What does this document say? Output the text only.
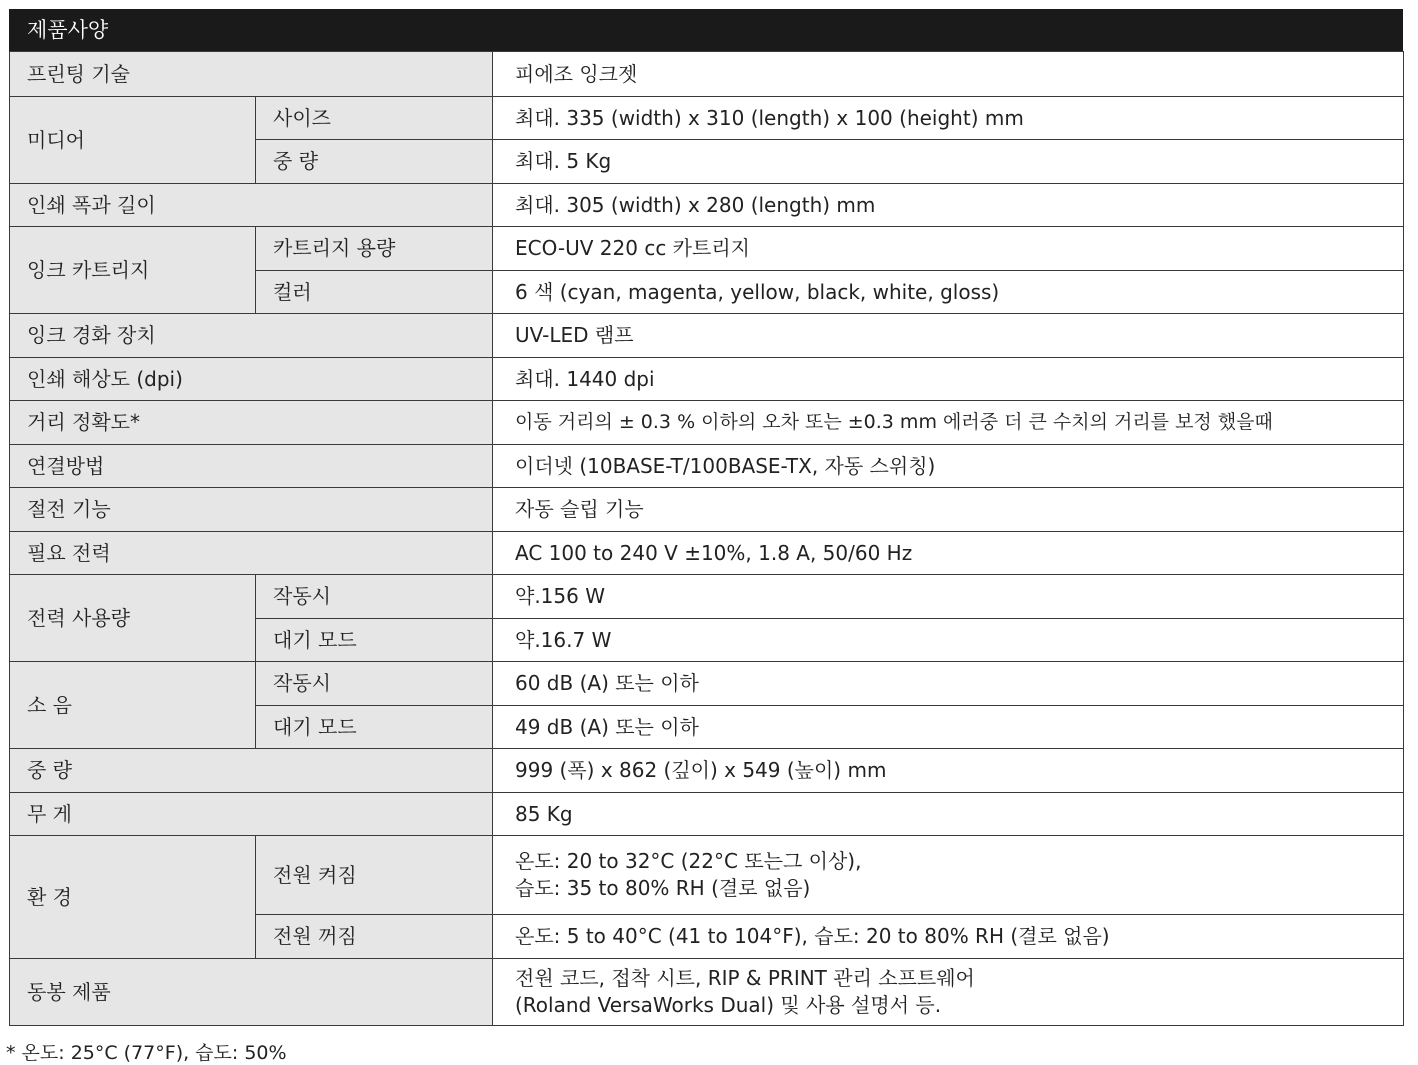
제품사양
프린팅 기술		피에조 잉크젯
미디어	사이즈	최대. 335 (width) x 310 (length) x 100 (height) mm
	중 량	최대. 5 Kg
인쇄 폭과 길이		최대. 305 (width) x 280 (length) mm
잉크 카트리지	카트리지 용량	ECO-UV 220 cc 카트리지
	컬러	6 색 (cyan, magenta, yellow, black, white, gloss)
잉크 경화 장치		UV-LED 램프
인쇄 해상도 (dpi)		최대. 1440 dpi
거리 정확도*		이동 거리의 ± 0.3 % 이하의 오차 또는 ±0.3 mm 에러중 더 큰 수치의 거리를 보정 했을때
연결방법		이더넷 (10BASE-T/100BASE-TX, 자동 스위칭)
절전 기능		자동 슬립 기능
필요 전력		AC 100 to 240 V ±10%, 1.8 A, 50/60 Hz
전력 사용량	작동시	약.156 W
	대기 모드	약.16.7 W
소 음	작동시	60 dB (A) 또는 이하
	대기 모드	49 dB (A) 또는 이하
중 량		999 (폭) x 862 (깊이) x 549 (높이) mm
무 게		85 Kg
환 경	전원 켜짐	온도: 20 to 32°C (22°C 또는그 이상),
습도: 35 to 80% RH (결로 없음)

	전원 꺼짐	온도: 5 to 40°C (41 to 104°F), 습도: 20 to 80% RH (결로 없음)
동봉 제품		전원 코드, 접착 시트, RIP & PRINT 관리 소프트웨어
(Roland VersaWorks Dual) 및 사용 설명서 등.
* 온도: 25°C (77°F), 습도: 50%
